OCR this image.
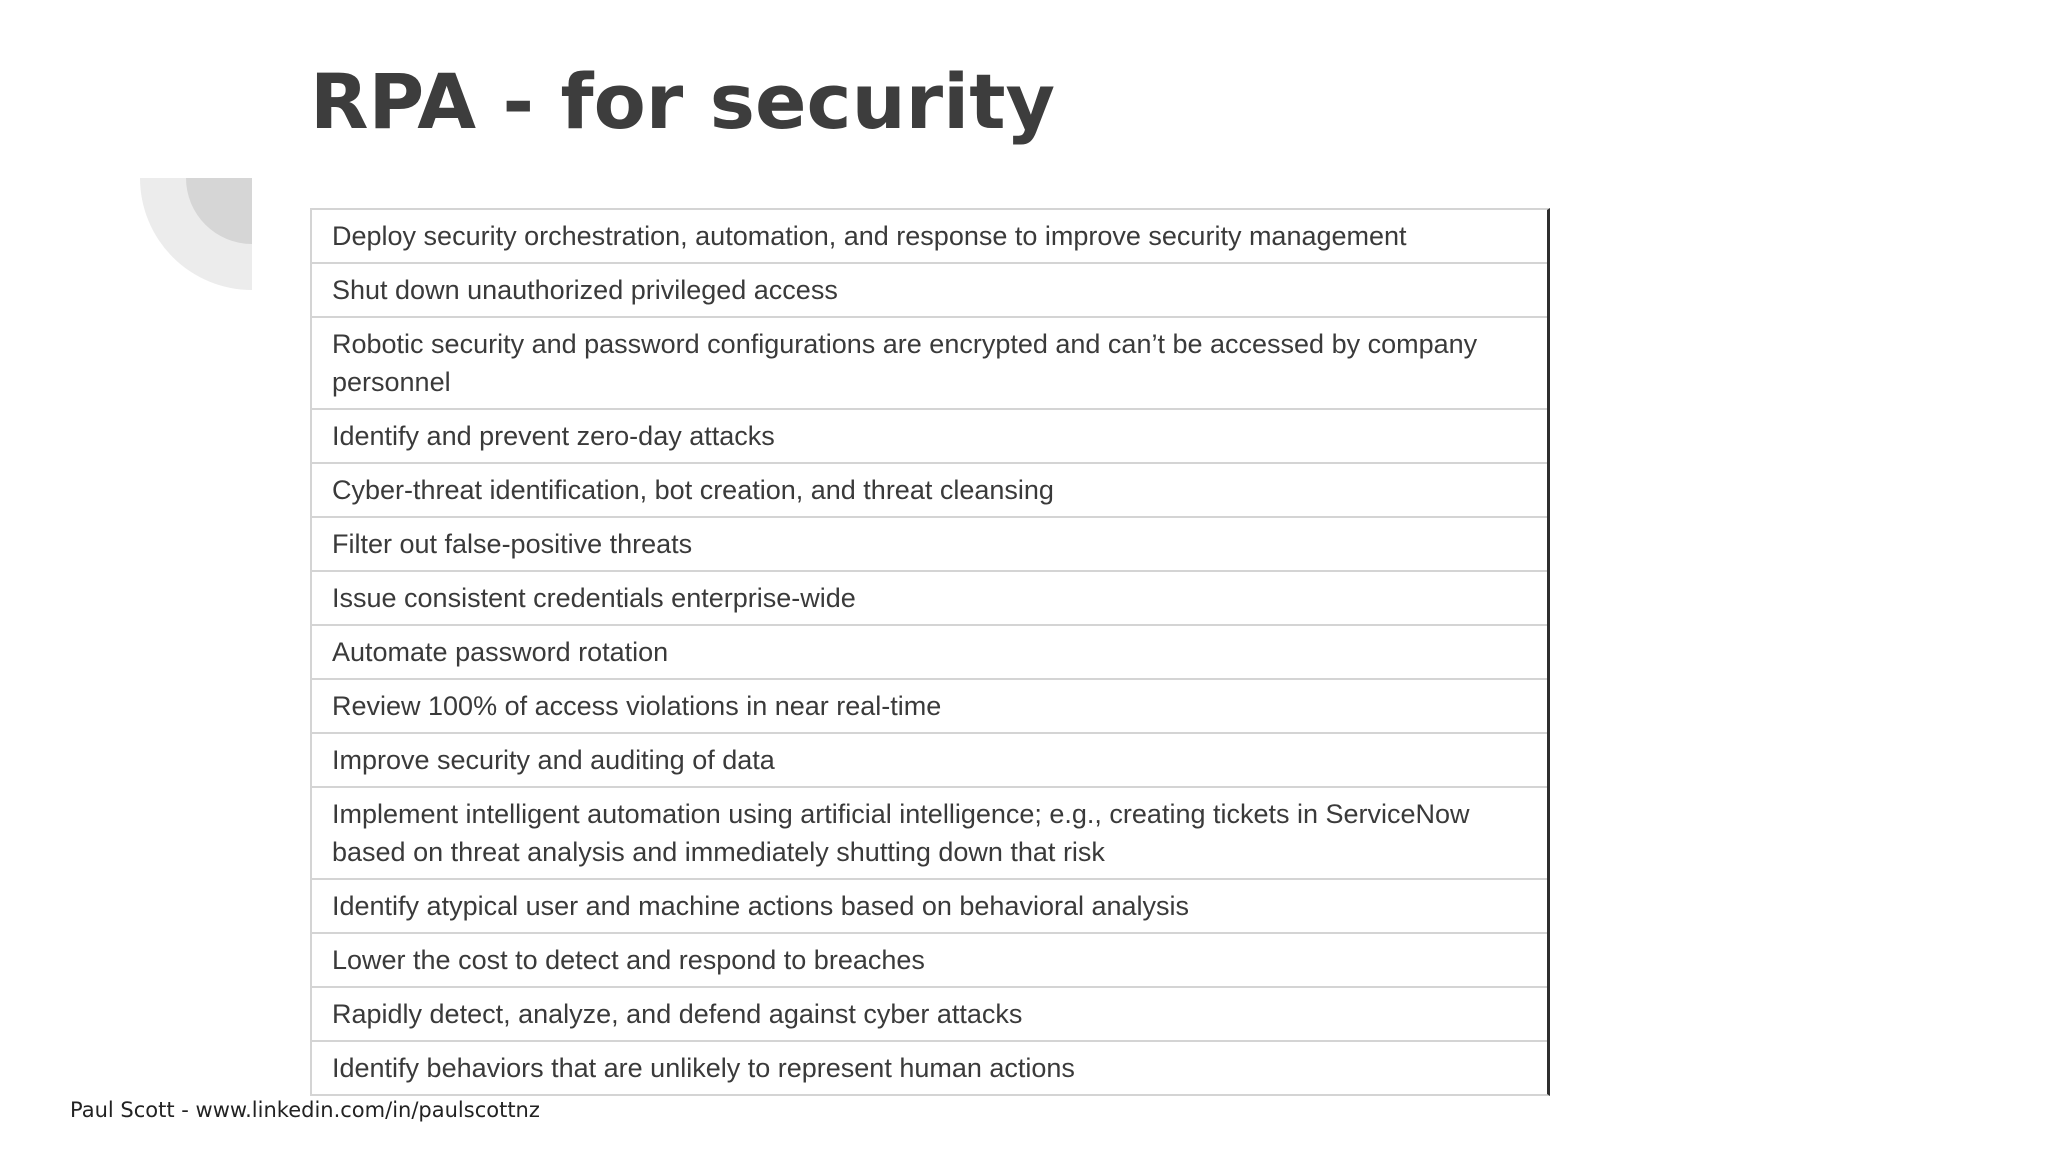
RPA - for security
Deploy security orchestration, automation, and response to improve security management
Shut down unauthorized privileged access
Robotic security and password configurations are encrypted and can’t be accessed by company personnel
Identify and prevent zero-day attacks
Cyber-threat identification, bot creation, and threat cleansing
Filter out false-positive threats
Issue consistent credentials enterprise-wide
Automate password rotation
Review 100% of access violations in near real-time
Improve security and auditing of data
Implement intelligent automation using artificial intelligence; e.g., creating tickets in ServiceNow based on threat analysis and immediately shutting down that risk
Identify atypical user and machine actions based on behavioral analysis
Lower the cost to detect and respond to breaches
Rapidly detect, analyze, and defend against cyber attacks
Identify behaviors that are unlikely to represent human actions
Paul Scott - www.linkedin.com/in/paulscottnz
